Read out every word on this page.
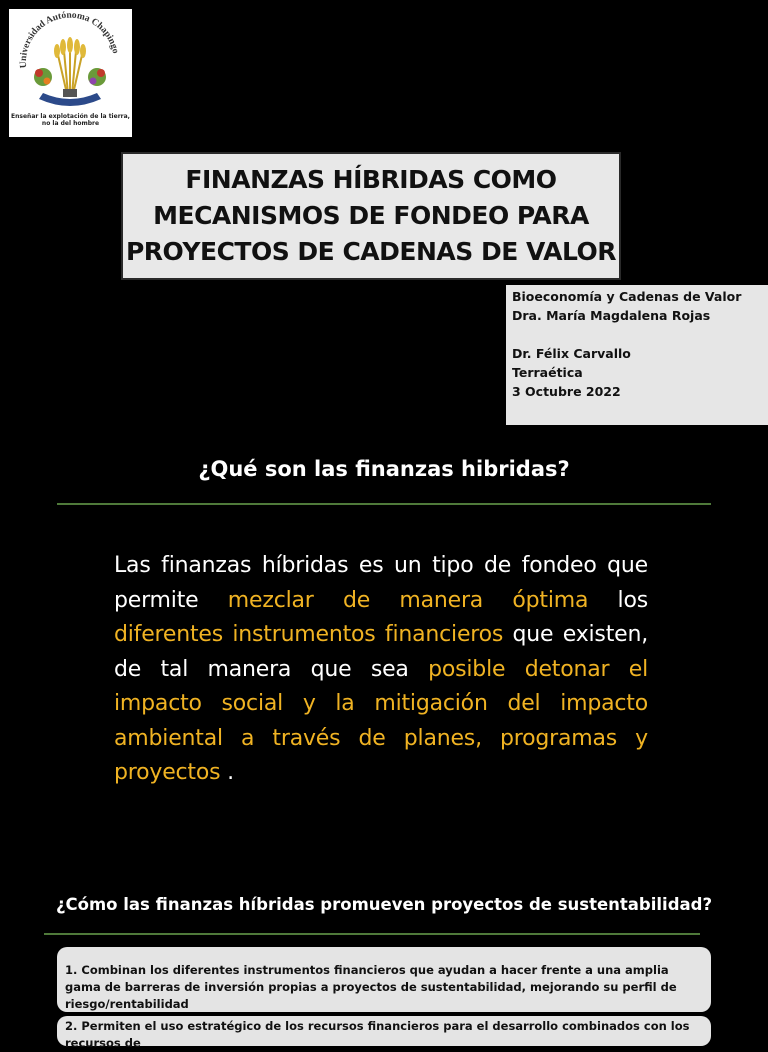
Universidad Autónoma Chapingo
Enseñar la explotación de la tierra, no la del hombre
FINANZAS HÍBRIDAS COMO
MECANISMOS DE FONDEO PARA
PROYECTOS DE CADENAS DE VALOR
Bioeconomía y Cadenas de Valor
Dra. María Magdalena Rojas
Dr. Félix Carvallo
Terraética
3 Octubre 2022
¿Qué son las finanzas hibridas?
Las finanzas híbridas es un tipo de fondeo que permite mezclar de manera óptima los diferentes instrumentos financieros que existen, de tal manera que sea posible detonar el impacto social y la mitigación del impacto ambiental a través de planes, programas y proyectos .
¿Cómo las finanzas híbridas promueven proyectos de sustentabilidad?
1. Combinan los diferentes instrumentos financieros que ayudan a hacer frente a una amplia gama de barreras de inversión propias a proyectos de sustentabilidad, mejorando su perfil de riesgo/rentabilidad
2. Permiten el uso estratégico de los recursos financieros para el desarrollo combinados con los recursos de
